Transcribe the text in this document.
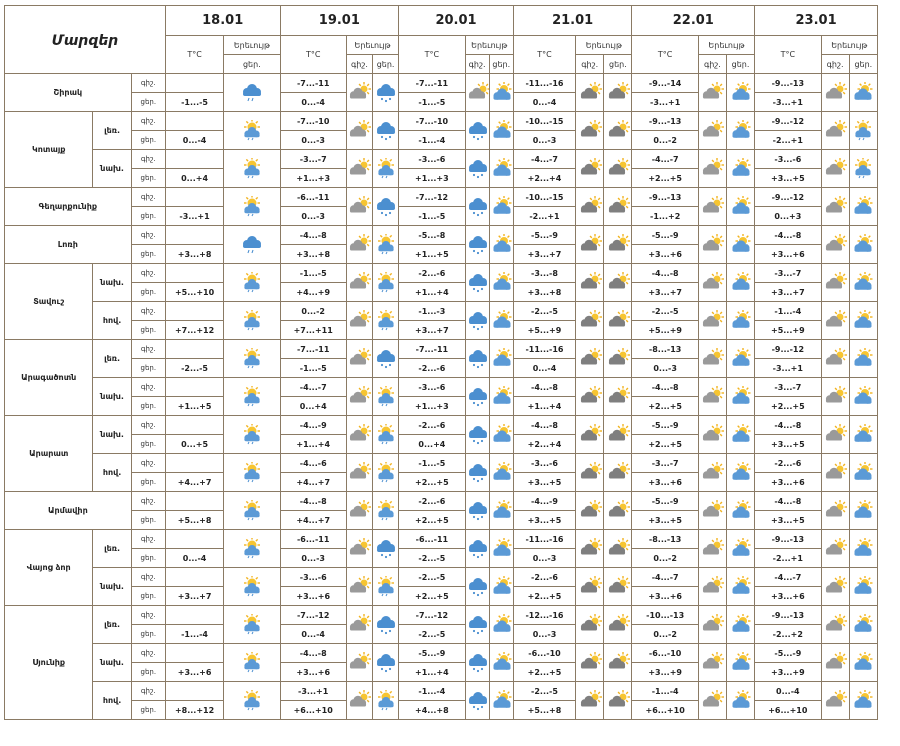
Մարզեր			18.01		19.01			20.01			21.01			22.01			23.01		
			T°C	Երեւույթ	T°C	Երեւույթ		T°C	Երեւույթ		T°C	Երեւույթ		T°C	Երեւույթ		T°C	Երեւույթ	
				ցեր.		գիշ.	ցեր.		գիշ.	ցեր.		գիշ.	ցեր.		գիշ.	ցեր.		գիշ.	ցեր.
Շիրակ		գիշ.			-7...-11			-7...-11			-11...-16			-9...-14			-9...-13		
		ցեր.	-1...-5		0...-4			-1...-5			0...-4			-3...+1			-3...+1		
Կոտայք	լեռ.	գիշ.			-7...-10			-7...-10			-10...-15			-9...-13			-9...-12		
		ցեր.	0...-4		0...-3			-1...-4			0...-3			0...-2			-2...+1		
	նախ.	գիշ.			-3...-7			-3...-6			-4...-7			-4...-7			-3...-6		
		ցեր.	0...+4		+1...+3			+1...+3			+2...+4			+2...+5			+3...+5		
Գեղարքունիք		գիշ.			-6...-11			-7...-12			-10...-15			-9...-13			-9...-12		
		ցեր.	-3...+1		0...-3			-1...-5			-2...+1			-1...+2			0...+3		
Լոռի		գիշ.			-4...-8			-5...-8			-5...-9			-5...-9			-4...-8		
		ցեր.	+3...+8		+3...+8			+1...+5			+3...+7			+3...+6			+3...+6		
Տավուշ	նախ.	գիշ.			-1...-5			-2...-6			-3...-8			-4...-8			-3...-7		
		ցեր.	+5...+10		+4...+9			+1...+4			+3...+8			+3...+7			+3...+7		
	հով.	գիշ.			0...-2			-1...-3			-2...-5			-2...-5			-1...-4		
		ցեր.	+7...+12		+7...+11			+3...+7			+5...+9			+5...+9			+5...+9		
Արագածոտն	լեռ.	գիշ.			-7...-11			-7...-11			-11...-16			-8...-13			-9...-12		
		ցեր.	-2...-5		-1...-5			-2...-6			0...-4			0...-3			-3...+1		
	նախ.	գիշ.			-4...-7			-3...-6			-4...-8			-4...-8			-3...-7		
		ցեր.	+1...+5		0...+4			+1...+3			+1...+4			+2...+5			+2...+5		
Արարատ	նախ.	գիշ.			-4...-9			-2...-6			-4...-8			-5...-9			-4...-8		
		ցեր.	0...+5		+1...+4			0...+4			+2...+4			+2...+5			+3...+5		
	հով.	գիշ.			-4...-6			-1...-5			-3...-6			-3...-7			-2...-6		
		ցեր.	+4...+7		+4...+7			+2...+5			+3...+5			+3...+6			+3...+6		
Արմավիր		գիշ.			-4...-8			-2...-6			-4...-9			-5...-9			-4...-8		
		ցեր.	+5...+8		+4...+7			+2...+5			+3...+5			+3...+5			+3...+5		
Վայոց ձոր	լեռ.	գիշ.			-6...-11			-6...-11			-11...-16			-8...-13			-9...-13		
		ցեր.	0...-4		0...-3			-2...-5			0...-3			0...-2			-2...+1		
	նախ.	գիշ.			-3...-6			-2...-5			-2...-6			-4...-7			-4...-7		
		ցեր.	+3...+7		+3...+6			+2...+5			+2...+5			+3...+6			+3...+6		
Սյունիք	լեռ.	գիշ.			-7...-12			-7...-12			-12...-16			-10...-13			-9...-13		
		ցեր.	-1...-4		0...-4			-2...-5			0...-3			0...-2			-2...+2		
	նախ.	գիշ.			-4...-8			-5...-9			-6...-10			-6...-10			-5...-9		
		ցեր.	+3...+6		+3...+6			+1...+4			+2...+5			+3...+9			+3...+9		
	հով.	գիշ.			-3...+1			-1...-4			-2...-5			-1...-4			0...-4		
		ցեր.	+8...+12		+6...+10			+4...+8			+5...+8			+6...+10			+6...+10		
